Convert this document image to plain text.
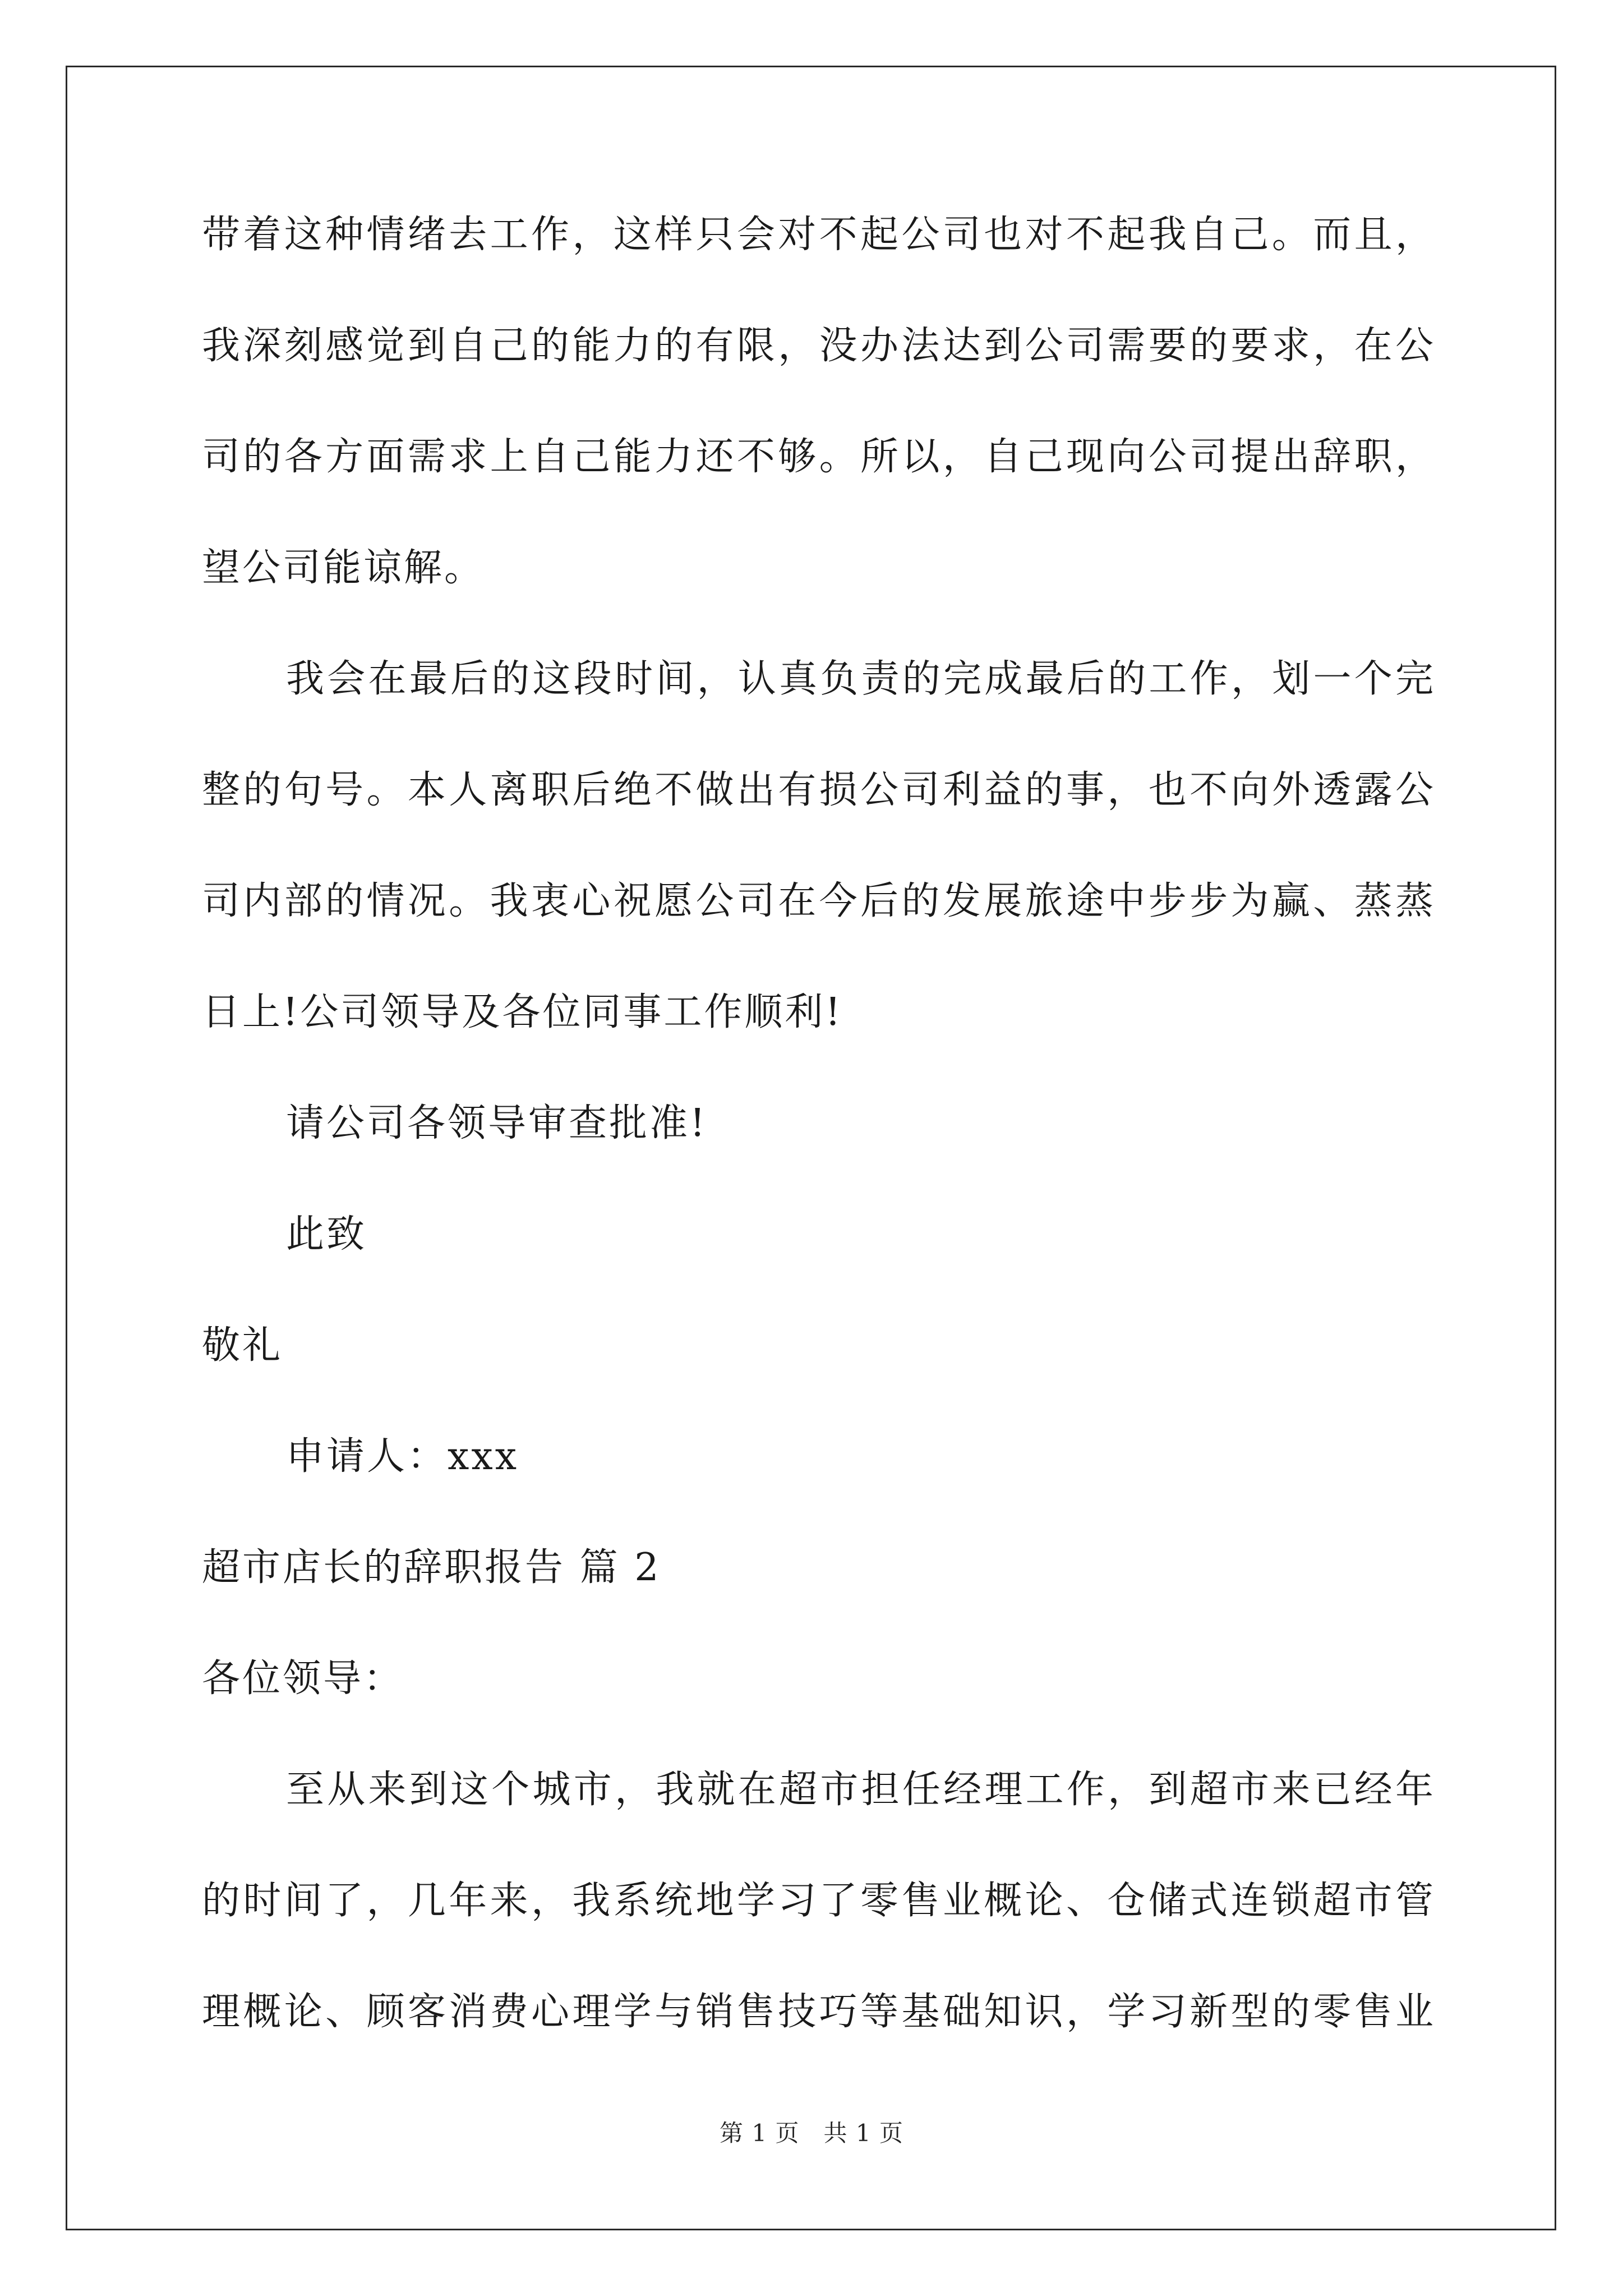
带着这种情绪去工作，这样只会对不起公司也对不起我自己。而且，
我深刻感觉到自己的能力的有限，没办法达到公司需要的要求，在公
司的各方面需求上自己能力还不够。所以，自己现向公司提出辞职，
望公司能谅解。
我会在最后的这段时间，认真负责的完成最后的工作，划一个完
整的句号。本人离职后绝不做出有损公司利益的事，也不向外透露公
司内部的情况。我衷心祝愿公司在今后的发展旅途中步步为赢、蒸蒸
日上!公司领导及各位同事工作顺利!
请公司各领导审查批准!
此致
敬礼
申请人：xxx
超市店长的辞职报告 篇 2
各位领导：
至从来到这个城市，我就在超市担任经理工作，到超市来已经年
的时间了，几年来，我系统地学习了零售业概论、仓储式连锁超市管
理概论、顾客消费心理学与销售技巧等基础知识，学习新型的零售业
第 1 页   共 1 页
